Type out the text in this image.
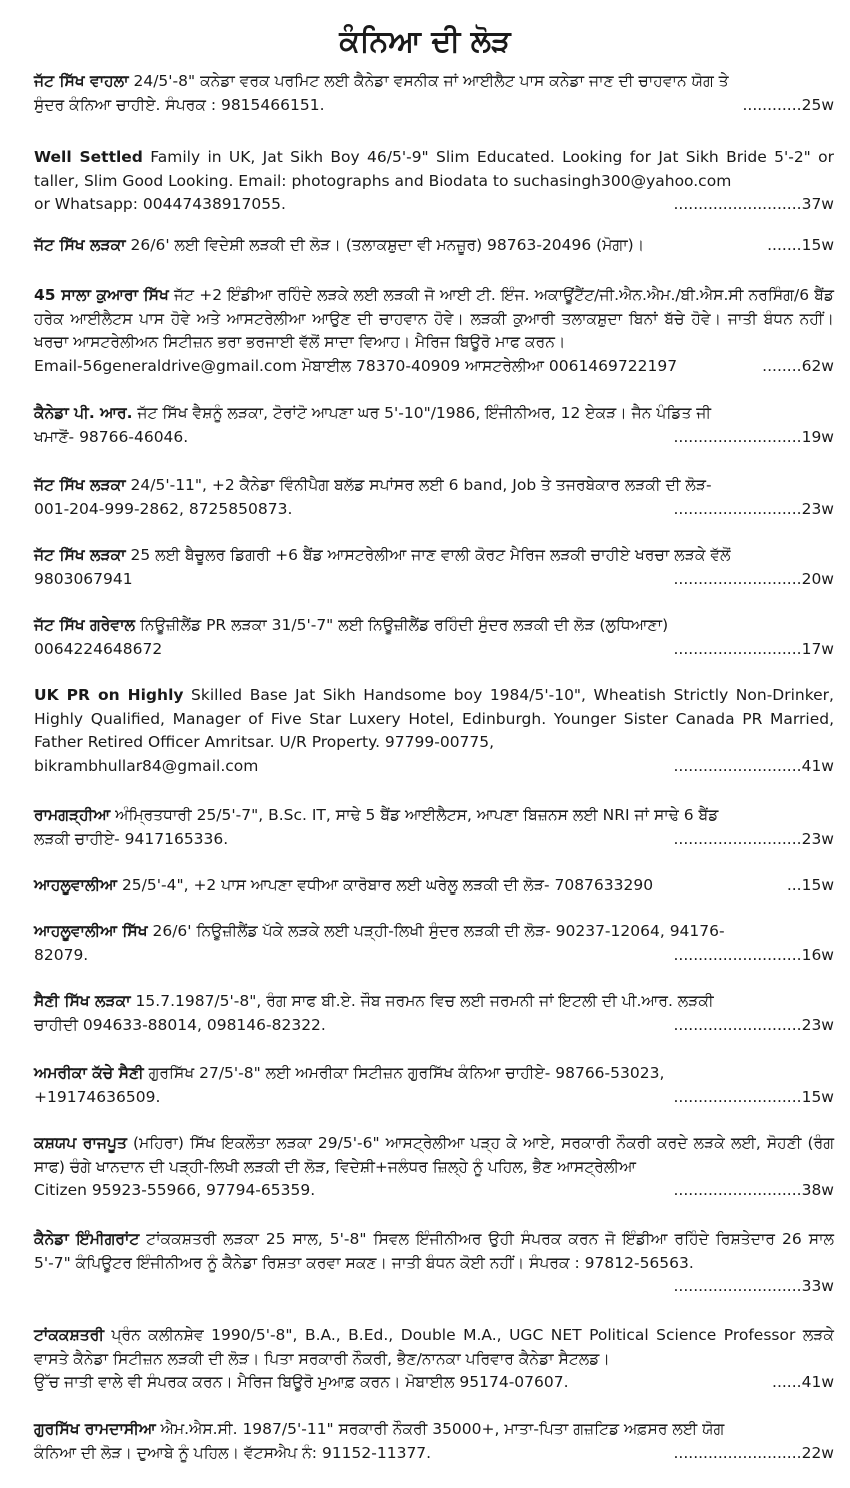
ਕੰਨਿਆ ਦੀ ਲੋੜ

ਜੱਟ ਸਿੱਖ ਵਾਹਲਾ 24/5'-8" ਕਨੇਡਾ ਵਰਕ ਪਰਮਿਟ ਲਈ ਕੈਨੇਡਾ ਵਸਨੀਕ ਜਾਂ ਆਈਲੈਟ ਪਾਸ ਕਨੇਡਾ ਜਾਣ ਦੀ ਚਾਹਵਾਨ ਯੋਗ ਤੇ

ਸੁੰਦਰ ਕੰਨਿਆ ਚਾਹੀਏ. ਸੰਪਰਕ : 9815466151.	............25w

Well Settled Family in UK, Jat Sikh Boy 46/5'-9" Slim Educated. Looking for Jat Sikh Bride 5'-2" or taller, Slim Good Looking. Email: photographs and Biodata to suchasingh300@yahoo.com

or Whatsapp: 00447438917055.	..........................37w
ਜੱਟ ਸਿੱਖ ਲੜਕਾ 26/6' ਲਈ ਵਿਦੇਸ਼ੀ ਲੜਕੀ ਦੀ ਲੋੜ। (ਤਲਾਕਸ਼ੁਦਾ ਵੀ ਮਨਜ਼ੂਰ) 98763-20496 (ਮੋਗਾ)।	.......15w

45 ਸਾਲਾ ਕੁਆਰਾ ਸਿੱਖ ਜੱਟ +2 ਇੰਡੀਆ ਰਹਿੰਦੇ ਲੜਕੇ ਲਈ ਲੜਕੀ ਜੋ ਆਈ ਟੀ. ਇੰਜ. ਅਕਾਊਂਟੈਂਟ/ਜੀ.ਐਨ.ਐਮ./ਬੀ.ਐਸ.ਸੀ ਨਰਸਿੰਗ/6 ਬੈਂਡ ਹਰੇਕ ਆਈਲੈਟਸ ਪਾਸ ਹੋਵੇ ਅਤੇ ਆਸਟਰੇਲੀਆ ਆਉਣ ਦੀ ਚਾਹਵਾਨ ਹੋਵੇ। ਲੜਕੀ ਕੁਆਰੀ ਤਲਾਕਸ਼ੁਦਾ ਬਿਨਾਂ ਬੱਚੇ ਹੋਵੇ। ਜਾਤੀ ਬੰਧਨ ਨਹੀਂ। ਖਰਚਾ ਆਸਟਰੇਲੀਅਨ ਸਿਟੀਜ਼ਨ ਭਰਾ ਭਰਜਾਈ ਵੱਲੋਂ ਸਾਦਾ ਵਿਆਹ। ਮੈਰਿਜ ਬਿਊਰੋ ਮਾਫ ਕਰਨ।

Email-56generaldrive@gmail.com ਮੋਬਾਈਲ 78370-40909 ਆਸਟਰੇਲੀਆ 0061469722197	........62w

ਕੈਨੇਡਾ ਪੀ. ਆਰ. ਜੱਟ ਸਿੱਖ ਵੈਸ਼ਨੂੰ ਲੜਕਾ, ਟੋਰਾਂਟੋ ਆਪਣਾ ਘਰ 5'-10"/1986, ਇੰਜੀਨੀਅਰ, 12 ਏਕੜ। ਜੈਨ ਪੰਡਿਤ ਜੀ

ਖਮਾਣੋਂ- 98766-46046.	..........................19w

ਜੱਟ ਸਿੱਖ ਲੜਕਾ 24/5'-11", +2 ਕੈਨੇਡਾ ਵਿੰਨੀਪੈਗ ਬਲੱਡ ਸਪਾਂਸਰ ਲਈ 6 band, Job ਤੇ ਤਜਰਬੇਕਾਰ ਲੜਕੀ ਦੀ ਲੋੜ-

001-204-999-2862, 8725850873.	..........................23w

ਜੱਟ ਸਿੱਖ ਲੜਕਾ 25 ਲਈ ਬੈਚੂਲਰ ਡਿਗਰੀ +6 ਬੈਂਡ ਆਸਟਰੇਲੀਆ ਜਾਣ ਵਾਲੀ ਕੋਰਟ ਮੈਰਿਜ ਲੜਕੀ ਚਾਹੀਏ ਖਰਚਾ ਲੜਕੇ ਵੱਲੋਂ

9803067941	..........................20w

ਜੱਟ ਸਿੱਖ ਗਰੇਵਾਲ ਨਿਊਜ਼ੀਲੈਂਡ PR ਲੜਕਾ 31/5'-7" ਲਈ ਨਿਊਜ਼ੀਲੈਂਡ ਰਹਿੰਦੀ ਸੁੰਦਰ ਲੜਕੀ ਦੀ ਲੋੜ (ਲੁਧਿਆਣਾ)

0064224648672	..........................17w

UK PR on Highly Skilled Base Jat Sikh Handsome boy 1984/5'-10", Wheatish Strictly Non-Drinker, Highly Qualified, Manager of Five Star Luxery Hotel, Edinburgh. Younger Sister Canada PR Married, Father Retired Officer Amritsar. U/R Property. 97799-00775,

bikrambhullar84@gmail.com	..........................41w

ਰਾਮਗੜ੍ਹੀਆ ਅੰਮ੍ਰਿਤਧਾਰੀ 25/5'-7", B.Sc. IT, ਸਾਢੇ 5 ਬੈਂਡ ਆਈਲੈਟਸ, ਆਪਣਾ ਬਿਜ਼ਨਸ ਲਈ NRI ਜਾਂ ਸਾਢੇ 6 ਬੈਂਡ

ਲੜਕੀ ਚਾਹੀਏ- 9417165336.	..........................23w
ਆਹਲੂਵਾਲੀਆ 25/5'-4", +2 ਪਾਸ ਆਪਣਾ ਵਧੀਆ ਕਾਰੋਬਾਰ ਲਈ ਘਰੇਲੂ ਲੜਕੀ ਦੀ ਲੋੜ- 7087633290	...15w

ਆਹਲੂਵਾਲੀਆ ਸਿੱਖ 26/6' ਨਿਊਜ਼ੀਲੈਂਡ ਪੱਕੇ ਲੜਕੇ ਲਈ ਪੜ੍ਹੀ-ਲਿਖੀ ਸੁੰਦਰ ਲੜਕੀ ਦੀ ਲੋੜ- 90237-12064, 94176-

82079.	..........................16w

ਸੈਣੀ ਸਿੱਖ ਲੜਕਾ 15.7.1987/5'-8", ਰੰਗ ਸਾਫ ਬੀ.ਏ. ਜੌਬ ਜਰਮਨ ਵਿਚ ਲਈ ਜਰਮਨੀ ਜਾਂ ਇਟਲੀ ਦੀ ਪੀ.ਆਰ. ਲੜਕੀ

ਚਾਹੀਦੀ 094633-88014, 098146-82322.	..........................23w

ਅਮਰੀਕਾ ਕੱਚੇ ਸੈਣੀ ਗੁਰਸਿੱਖ 27/5'-8" ਲਈ ਅਮਰੀਕਾ ਸਿਟੀਜ਼ਨ ਗੁਰਸਿੱਖ ਕੰਨਿਆ ਚਾਹੀਏ- 98766-53023,

+19174636509.	..........................15w

ਕਸ਼ਯਪ ਰਾਜਪੂਤ (ਮਹਿਰਾ) ਸਿੱਖ ਇਕਲੌਤਾ ਲੜਕਾ 29/5'-6" ਆਸਟ੍ਰੇਲੀਆ ਪੜ੍ਹ ਕੇ ਆਏ, ਸਰਕਾਰੀ ਨੌਕਰੀ ਕਰਦੇ ਲੜਕੇ ਲਈ, ਸੋਹਣੀ (ਰੰਗ ਸਾਫ) ਚੰਗੇ ਖਾਨਦਾਨ ਦੀ ਪੜ੍ਹੀ-ਲਿਖੀ ਲੜਕੀ ਦੀ ਲੋੜ, ਵਿਦੇਸ਼ੀ+ਜਲੰਧਰ ਜ਼ਿਲ੍ਹੇ ਨੂੰ ਪਹਿਲ, ਭੈਣ ਆਸਟ੍ਰੇਲੀਆ

Citizen 95923-55966, 97794-65359.	..........................38w

ਕੈਨੇਡਾ ਇੰਮੀਗਰਾਂਟ ਟਾਂਕਕਸ਼ਤਰੀ ਲੜਕਾ 25 ਸਾਲ, 5'-8" ਸਿਵਲ ਇੰਜੀਨੀਅਰ ਉਹੀ ਸੰਪਰਕ ਕਰਨ ਜੋ ਇੰਡੀਆ ਰਹਿੰਦੇ ਰਿਸ਼ਤੇਦਾਰ 26 ਸਾਲ 5'-7" ਕੰਪਿਊਟਰ ਇੰਜੀਨੀਅਰ ਨੂੰ ਕੈਨੇਡਾ ਰਿਸ਼ਤਾ ਕਰਵਾ ਸਕਣ। ਜਾਤੀ ਬੰਧਨ ਕੋਈ ਨਹੀਂ। ਸੰਪਰਕ : 97812-56563.

..........................33w

ਟਾਂਕਕਸ਼ਤਰੀ ਪ੍ਰੰਨ ਕਲੀਨਸ਼ੇਵ 1990/5'-8", B.A., B.Ed., Double M.A., UGC NET Political Science Professor ਲੜਕੇ ਵਾਸਤੇ ਕੈਨੇਡਾ ਸਿਟੀਜ਼ਨ ਲੜਕੀ ਦੀ ਲੋੜ। ਪਿਤਾ ਸਰਕਾਰੀ ਨੌਕਰੀ, ਭੈਣ/ਨਾਨਕਾ ਪਰਿਵਾਰ ਕੈਨੇਡਾ ਸੈਟਲਡ।

ਉੱਚ ਜਾਤੀ ਵਾਲੇ ਵੀ ਸੰਪਰਕ ਕਰਨ। ਮੈਰਿਜ ਬਿਊਰੋ ਮੁਆਫ਼ ਕਰਨ। ਮੋਬਾਈਲ 95174-07607.	......41w

ਗੁਰਸਿੱਖ ਰਾਮਦਾਸੀਆ ਐਮ.ਐਸ.ਸੀ. 1987/5'-11" ਸਰਕਾਰੀ ਨੌਕਰੀ 35000+, ਮਾਤਾ-ਪਿਤਾ ਗਜ਼ਟਿਡ ਅਫ਼ਸਰ ਲਈ ਯੋਗ

ਕੰਨਿਆ ਦੀ ਲੋੜ। ਦੁਆਬੇ ਨੂੰ ਪਹਿਲ। ਵੱਟਸਐਪ ਨੰ: 91152-11377.	..........................22w
